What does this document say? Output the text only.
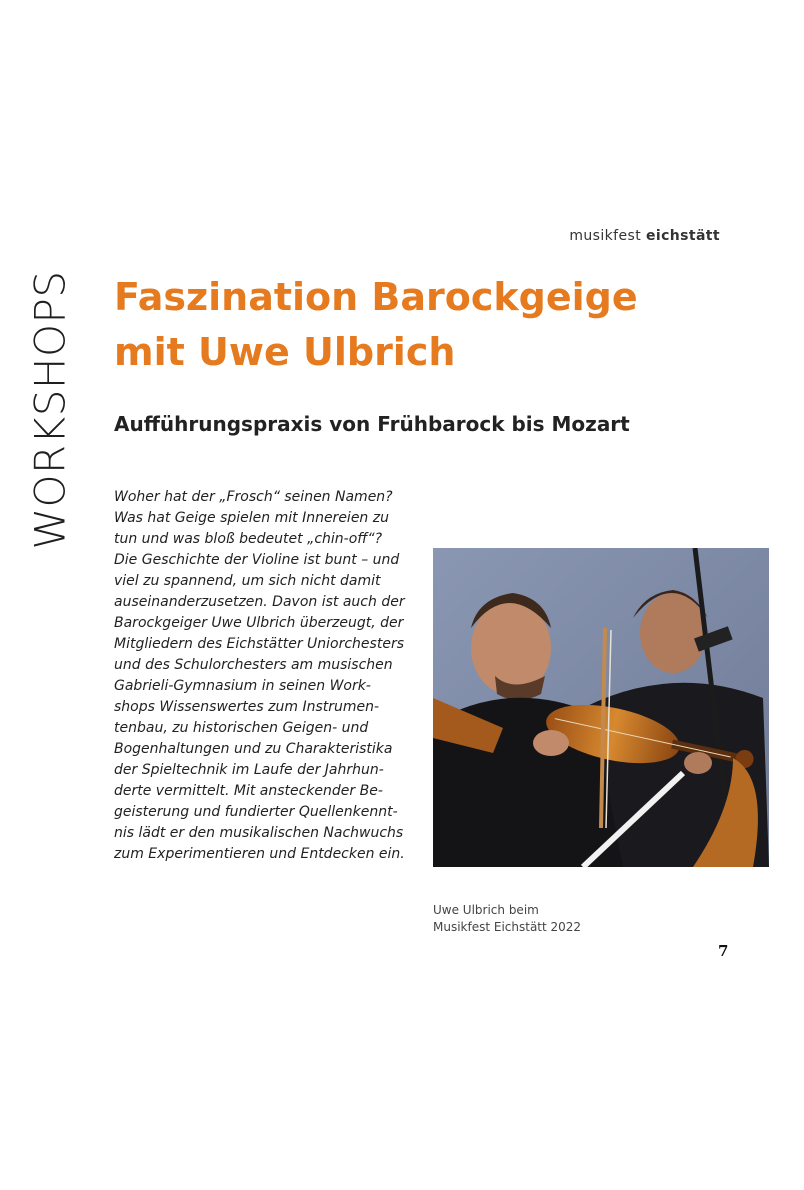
WORKSHOPS
musikfest eichstätt
Faszination Barockgeige
mit Uwe Ulbrich
Aufführungspraxis von Frühbarock bis Mozart
Woher hat der „Frosch“ seinen Namen?
Was hat Geige spielen mit Innereien zu
tun und was bloß bedeutet „chin-off“?
Die Geschichte der Violine ist bunt – und
viel zu spannend, um sich nicht damit
auseinanderzusetzen. Davon ist auch der
Barockgeiger Uwe Ulbrich überzeugt, der
Mitgliedern des Eichstätter Uniorchesters
und des Schulorchesters am musischen
Gabrieli-Gymnasium in seinen Work-
shops Wissenswertes zum Instrumen-
tenbau, zu historischen Geigen- und
Bogenhaltungen und zu Charakteristika
der Spieltechnik im Laufe der Jahrhun-
derte vermittelt. Mit ansteckender Be-
geisterung und fundierter Quellenkennt-
nis lädt er den musikalischen Nachwuchs
zum Experimentieren und Entdecken ein.
Uwe Ulbrich beim
Musikfest Eichstätt 2022
7
